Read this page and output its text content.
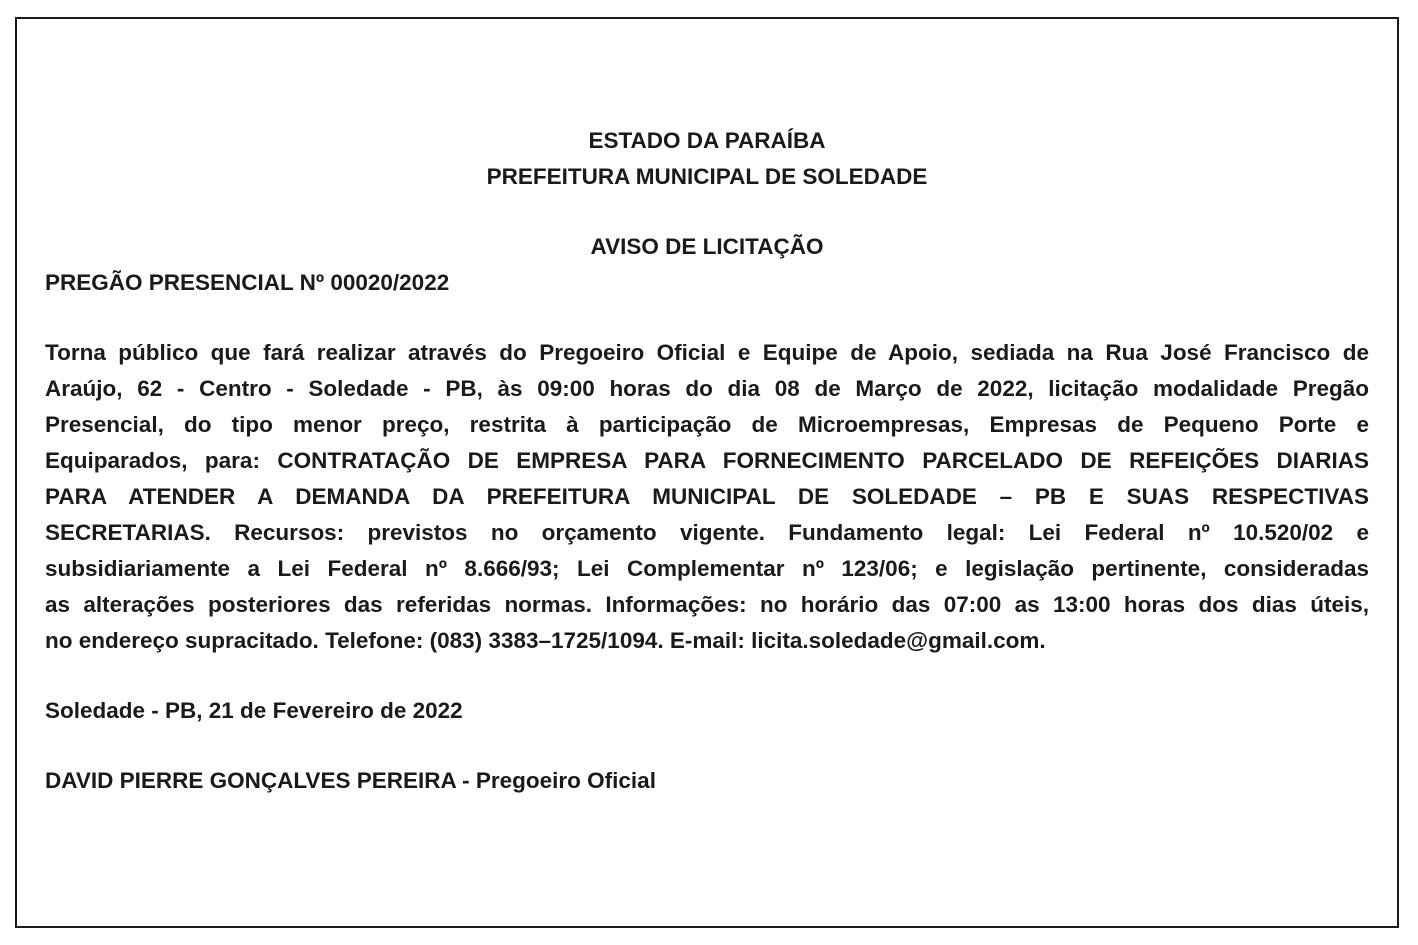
ESTADO DA PARAÍBA
PREFEITURA MUNICIPAL DE SOLEDADE
AVISO DE LICITAÇÃO
PREGÃO PRESENCIAL Nº 00020/2022
Torna público que fará realizar através do Pregoeiro Oficial e Equipe de Apoio, sediada na Rua José Francisco de
Araújo, 62 - Centro - Soledade - PB, às 09:00 horas do dia 08 de Março de 2022, licitação modalidade Pregão
Presencial, do tipo menor preço, restrita à participação de Microempresas, Empresas de Pequeno Porte e
Equiparados, para: CONTRATAÇÃO DE EMPRESA PARA FORNECIMENTO PARCELADO DE REFEIÇÕES DIARIAS
PARA ATENDER A DEMANDA DA PREFEITURA MUNICIPAL DE SOLEDADE – PB E SUAS RESPECTIVAS
SECRETARIAS. Recursos: previstos no orçamento vigente. Fundamento legal: Lei Federal nº 10.520/02 e
subsidiariamente a Lei Federal nº 8.666/93; Lei Complementar nº 123/06; e legislação pertinente, consideradas
as alterações posteriores das referidas normas. Informações: no horário das 07:00 as 13:00 horas dos dias úteis,
no endereço supracitado. Telefone: (083) 3383–1725/1094. E-mail: licita.soledade@gmail.com.
Soledade - PB, 21 de Fevereiro de 2022
DAVID PIERRE GONÇALVES PEREIRA - Pregoeiro Oficial
